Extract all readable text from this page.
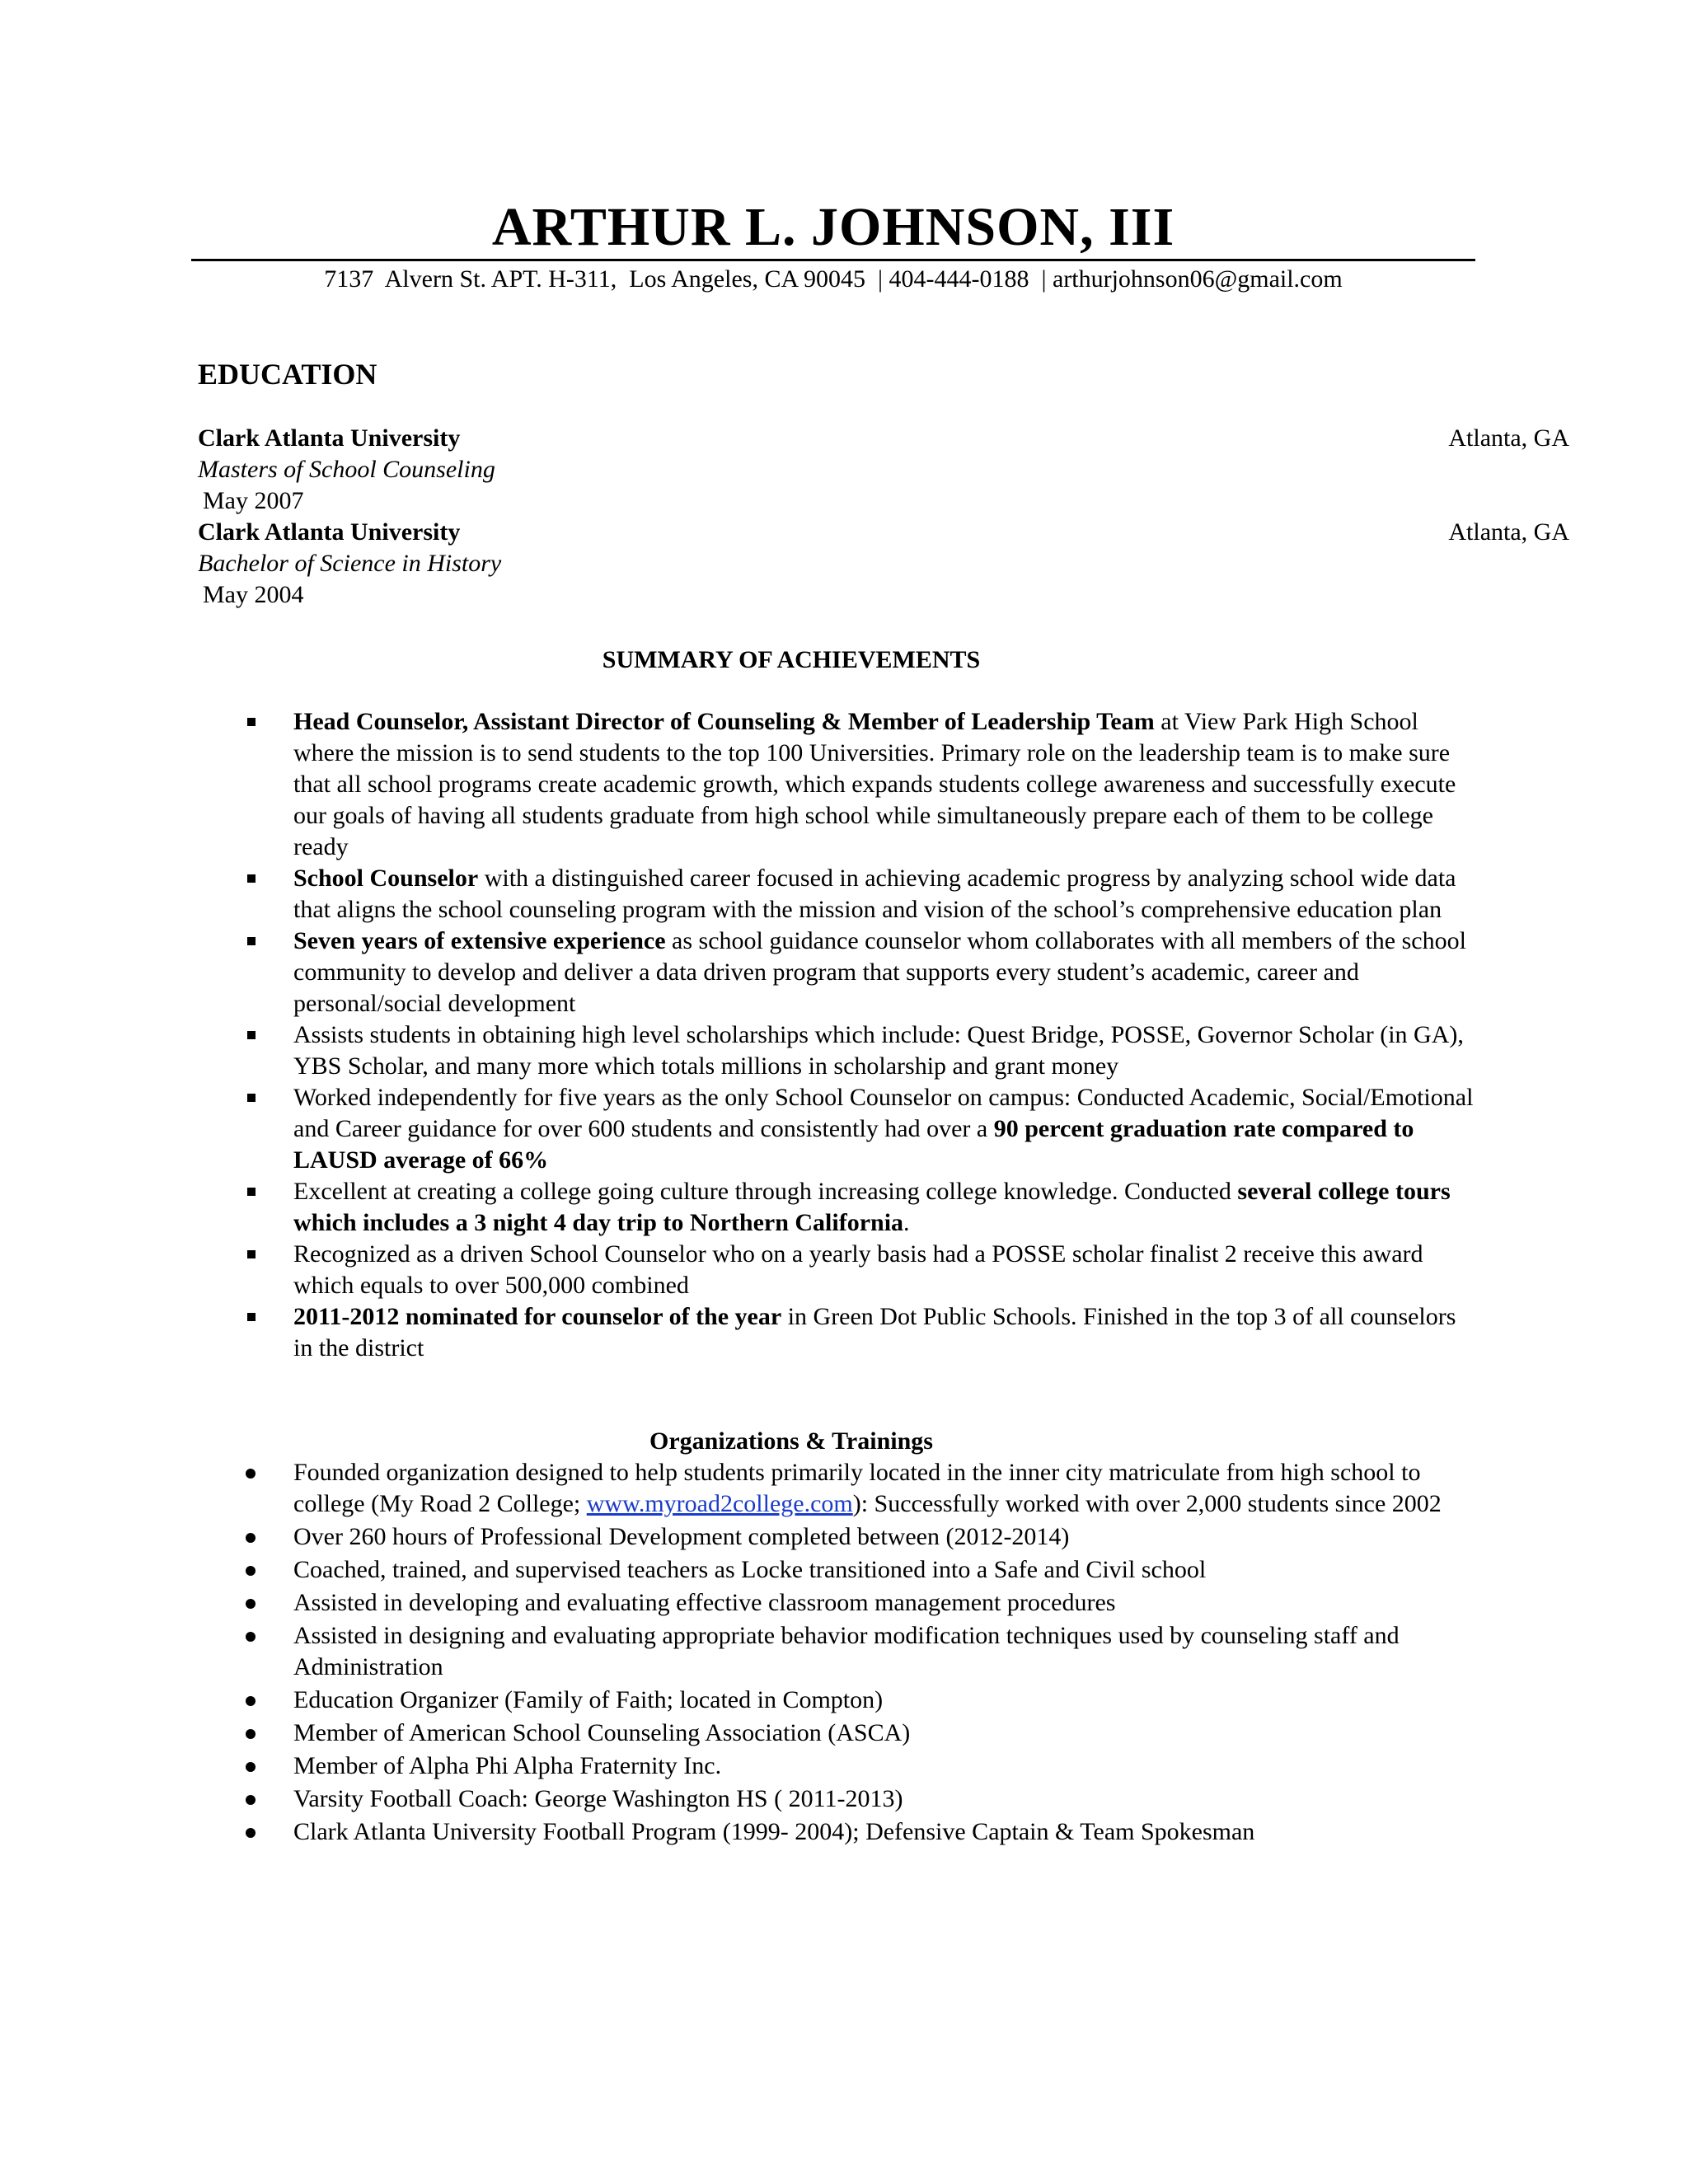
ARTHUR L. JOHNSON, III
7137  Alvern St. APT. H-311,  Los Angeles, CA 90045  | 404-444-0188  | arthurjohnson06@gmail.com
EDUCATION
Clark Atlanta University	Atlanta, GA
Masters of School Counseling
May 2007
Clark Atlanta University	Atlanta, GA
Bachelor of Science in History
May 2004
SUMMARY OF ACHIEVEMENTS
Head Counselor, Assistant Director of Counseling & Member of Leadership Team at View Park High School where the mission is to send students to the top 100 Universities. Primary role on the leadership team is to make sure that all school programs create academic growth, which expands students college awareness and successfully execute our goals of having all students graduate from high school while simultaneously prepare each of them to be college ready
School Counselor with a distinguished career focused in achieving academic progress by analyzing school wide data that aligns the school counseling program with the mission and vision of the school’s comprehensive education plan
Seven years of extensive experience as school guidance counselor whom collaborates with all members of the school community to develop and deliver a data driven program that supports every student’s academic, career and personal/social development
Assists students in obtaining high level scholarships which include: Quest Bridge, POSSE, Governor Scholar (in GA), YBS Scholar, and many more which totals millions in scholarship and grant money
Worked independently for five years as the only School Counselor on campus: Conducted Academic, Social/Emotional and Career guidance for over 600 students and consistently had over a 90 percent graduation rate compared to LAUSD average of 66%
Excellent at creating a college going culture through increasing college knowledge. Conducted several college tours which includes a 3 night 4 day trip to Northern California.
Recognized as a driven School Counselor who on a yearly basis had a POSSE scholar finalist 2 receive this award which equals to over 500,000 combined
2011-2012 nominated for counselor of the year in Green Dot Public Schools. Finished in the top 3 of all counselors in the district
Organizations & Trainings
Founded organization designed to help students primarily located in the inner city matriculate from high school to college (My Road 2 College; www.myroad2college.com): Successfully worked with over 2,000 students since 2002
Over 260 hours of Professional Development completed between (2012-2014)
Coached, trained, and supervised teachers as Locke transitioned into a Safe and Civil school
Assisted in developing and evaluating effective classroom management procedures
Assisted in designing and evaluating appropriate behavior modification techniques used by counseling staff and Administration
Education Organizer (Family of Faith; located in Compton)
Member of American School Counseling Association (ASCA)
Member of Alpha Phi Alpha Fraternity Inc.
Varsity Football Coach: George Washington HS ( 2011-2013)
Clark Atlanta University Football Program (1999- 2004); Defensive Captain & Team Spokesman
